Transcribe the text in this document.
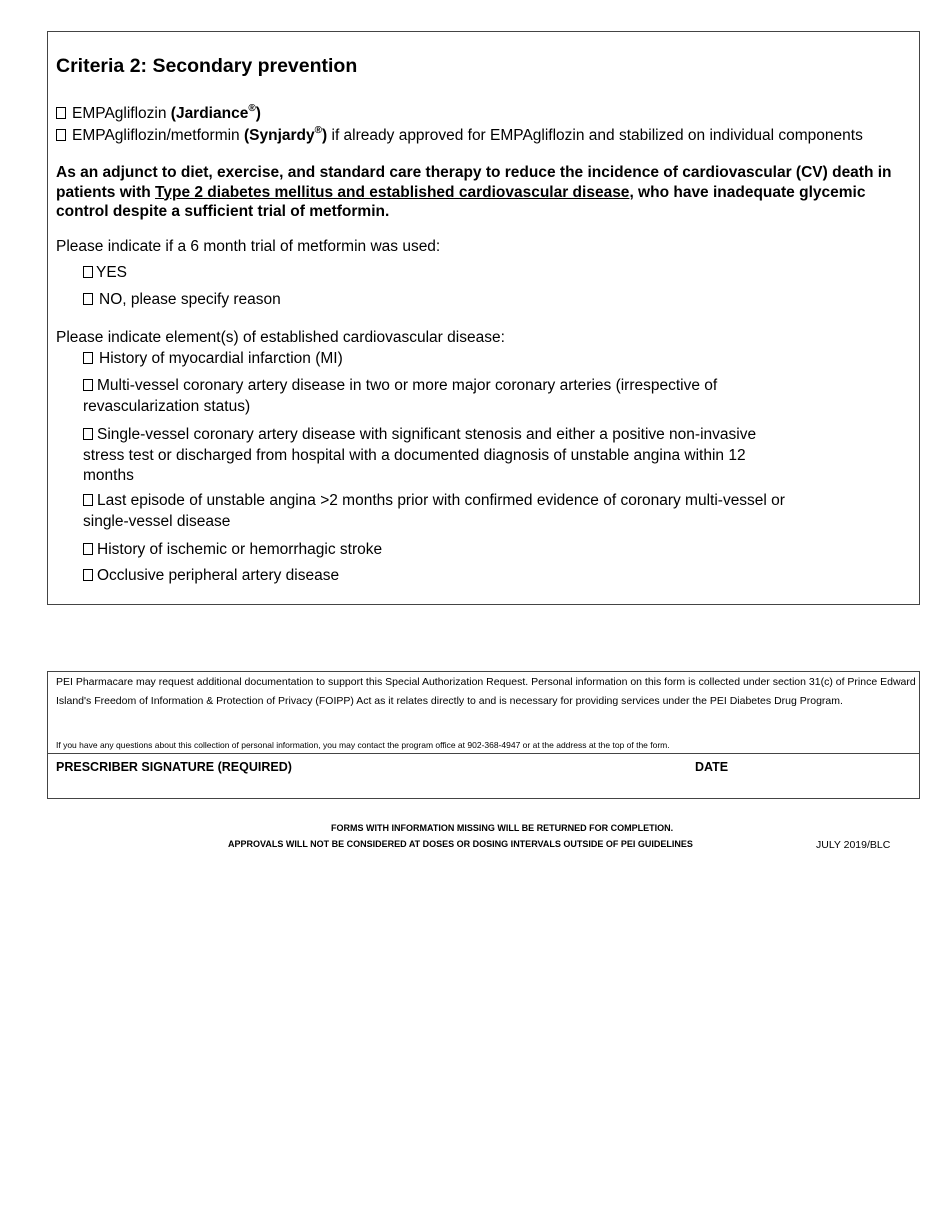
Criteria 2: Secondary prevention
EMPAgliflozin (Jardiance®)
EMPAgliflozin/metformin (Synjardy®) if already approved for EMPAgliflozin and stabilized on individual components
As an adjunct to diet, exercise, and standard care therapy to reduce the incidence of cardiovascular (CV) death in patients with Type 2 diabetes mellitus and established cardiovascular disease, who have inadequate glycemic control despite a sufficient trial of metformin.
Please indicate if a 6 month trial of metformin was used:
YES
NO, please specify reason
Please indicate element(s) of established cardiovascular disease:
History of myocardial infarction (MI)
Multi-vessel coronary artery disease in two or more major coronary arteries (irrespective of
revascularization status)
Single-vessel coronary artery disease with significant stenosis and either a positive non-invasive
stress test or discharged from hospital with a documented diagnosis of unstable angina within 12
months
Last episode of unstable angina >2 months prior with confirmed evidence of coronary multi-vessel or
single-vessel disease
History of ischemic or hemorrhagic stroke
Occlusive peripheral artery disease
PEI Pharmacare may request additional documentation to support this Special Authorization Request. Personal information on this form is collected under section 31(c) of Prince Edward Island's Freedom of Information & Protection of Privacy (FOIPP) Act as it relates directly to and is necessary for providing services under the PEI Diabetes Drug Program.
If you have any questions about this collection of personal information, you may contact the program office at 902-368-4947 or at the address at the top of the form.
PRESCRIBER SIGNATURE (REQUIRED)	DATE
FORMS WITH INFORMATION MISSING WILL BE RETURNED FOR COMPLETION.
APPROVALS WILL NOT BE CONSIDERED AT DOSES OR DOSING INTERVALS OUTSIDE OF PEI GUIDELINES	JULY 2019/BLC
